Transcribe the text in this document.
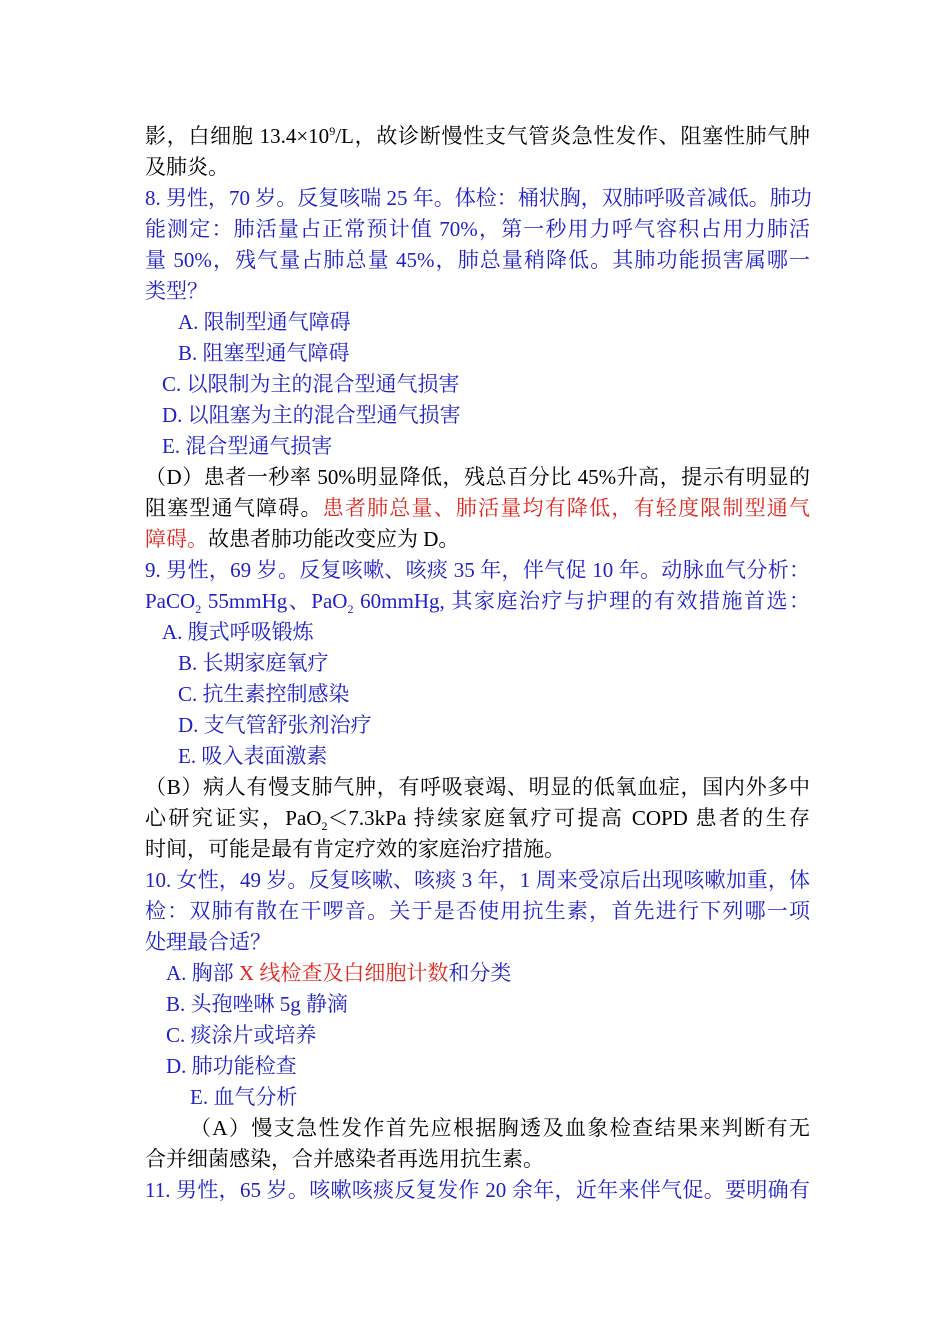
影，白细胞 $13.4\times 10^9/L$，故诊断慢性支气管炎急性发作、阻塞性肺气肿
及肺炎。
8. 男性，70 岁。反复咳喘 25 年。体检：桶状胸，双肺呼吸音减低。肺功
能测定：肺活量占正常预计值 70%，第一秒用力呼气容积占用力肺活
量 50%，残气量占肺总量 45%，肺总量稍降低。其肺功能损害属哪一
类型？
A. 限制型通气障碍
B. 阻塞型通气障碍
C. 以限制为主的混合型通气损害
D. 以阻塞为主的混合型通气损害
E. 混合型通气损害
（D）患者一秒率 50%明显降低，残总百分比 45%升高，提示有明显的
阻塞型通气障碍。患者肺总量、肺活量均有降低，有轻度限制型通气
障碍。故患者肺功能改变应为 D。
9. 男性，69 岁。反复咳嗽、咳痰 35 年，伴气促 10 年。动脉血气分析：
PaCO$_2$ 55mmHg、PaO$_2$ 60mmHg, 其家庭治疗与护理的有效措施首选：
A. 腹式呼吸锻炼
B. 长期家庭氧疗
C. 抗生素控制感染
D. 支气管舒张剂治疗
E. 吸入表面激素
（B）病人有慢支肺气肿，有呼吸衰竭、明显的低氧血症，国内外多中
心研究证实，PaO$_2$＜7.3kPa 持续家庭氧疗可提高 COPD 患者的生存
时间，可能是最有肯定疗效的家庭治疗措施。
10. 女性，49 岁。反复咳嗽、咳痰 3 年，1 周来受凉后出现咳嗽加重，体
检：双肺有散在干啰音。关于是否使用抗生素，首先进行下列哪一项
处理最合适？
A. 胸部 X 线检查及白细胞计数和分类
B. 头孢唑啉 5g 静滴
C. 痰涂片或培养
D. 肺功能检查
E. 血气分析
（A）慢支急性发作首先应根据胸透及血象检查结果来判断有无
合并细菌感染，合并感染者再选用抗生素。
11. 男性，65 岁。咳嗽咳痰反复发作 20 余年，近年来伴气促。要明确有
